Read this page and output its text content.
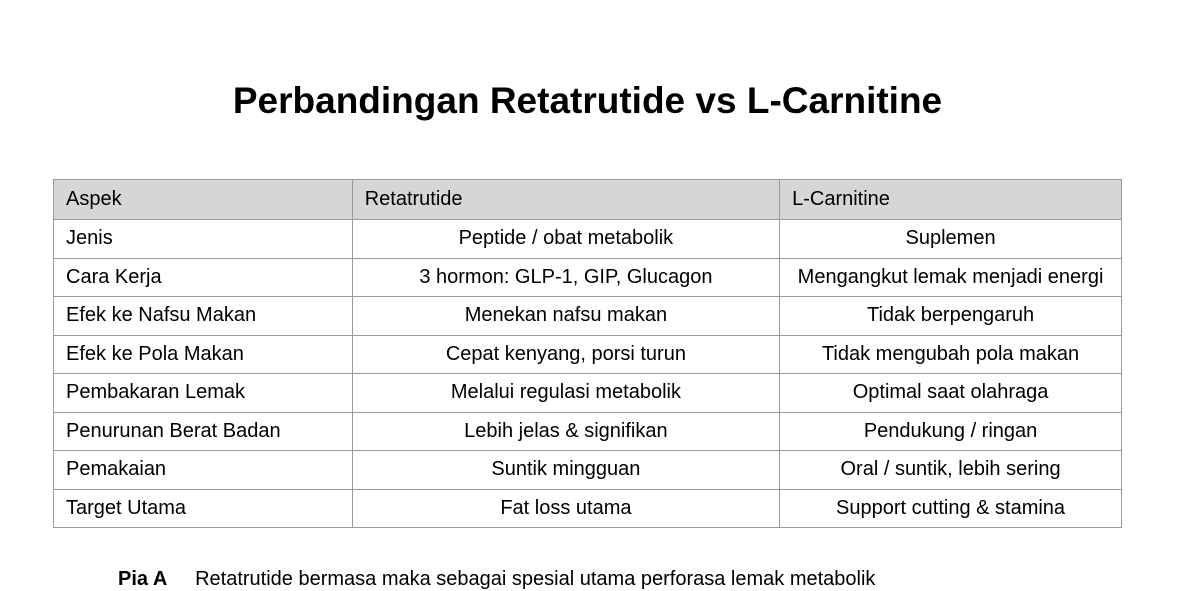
Perbandingan Retatrutide vs L-Carnitine
Aspek	Retatrutide	L-Carnitine
Jenis	Peptide / obat metabolik	Suplemen
Cara Kerja	3 hormon: GLP-1, GIP, Glucagon	Mengangkut lemak menjadi energi
Efek ke Nafsu Makan	Menekan nafsu makan	Tidak berpengaruh
Efek ke Pola Makan	Cepat kenyang, porsi turun	Tidak mengubah pola makan
Pembakaran Lemak	Melalui regulasi metabolik	Optimal saat olahraga
Penurunan Berat Badan	Lebih jelas & signifikan	Pendukung / ringan
Pemakaian	Suntik mingguan	Oral / suntik, lebih sering
Target Utama	Fat loss utama	Support cutting & stamina
Pia A Retatrutide bermasa maka sebagai spesial utama perforasa lemak metabolik
